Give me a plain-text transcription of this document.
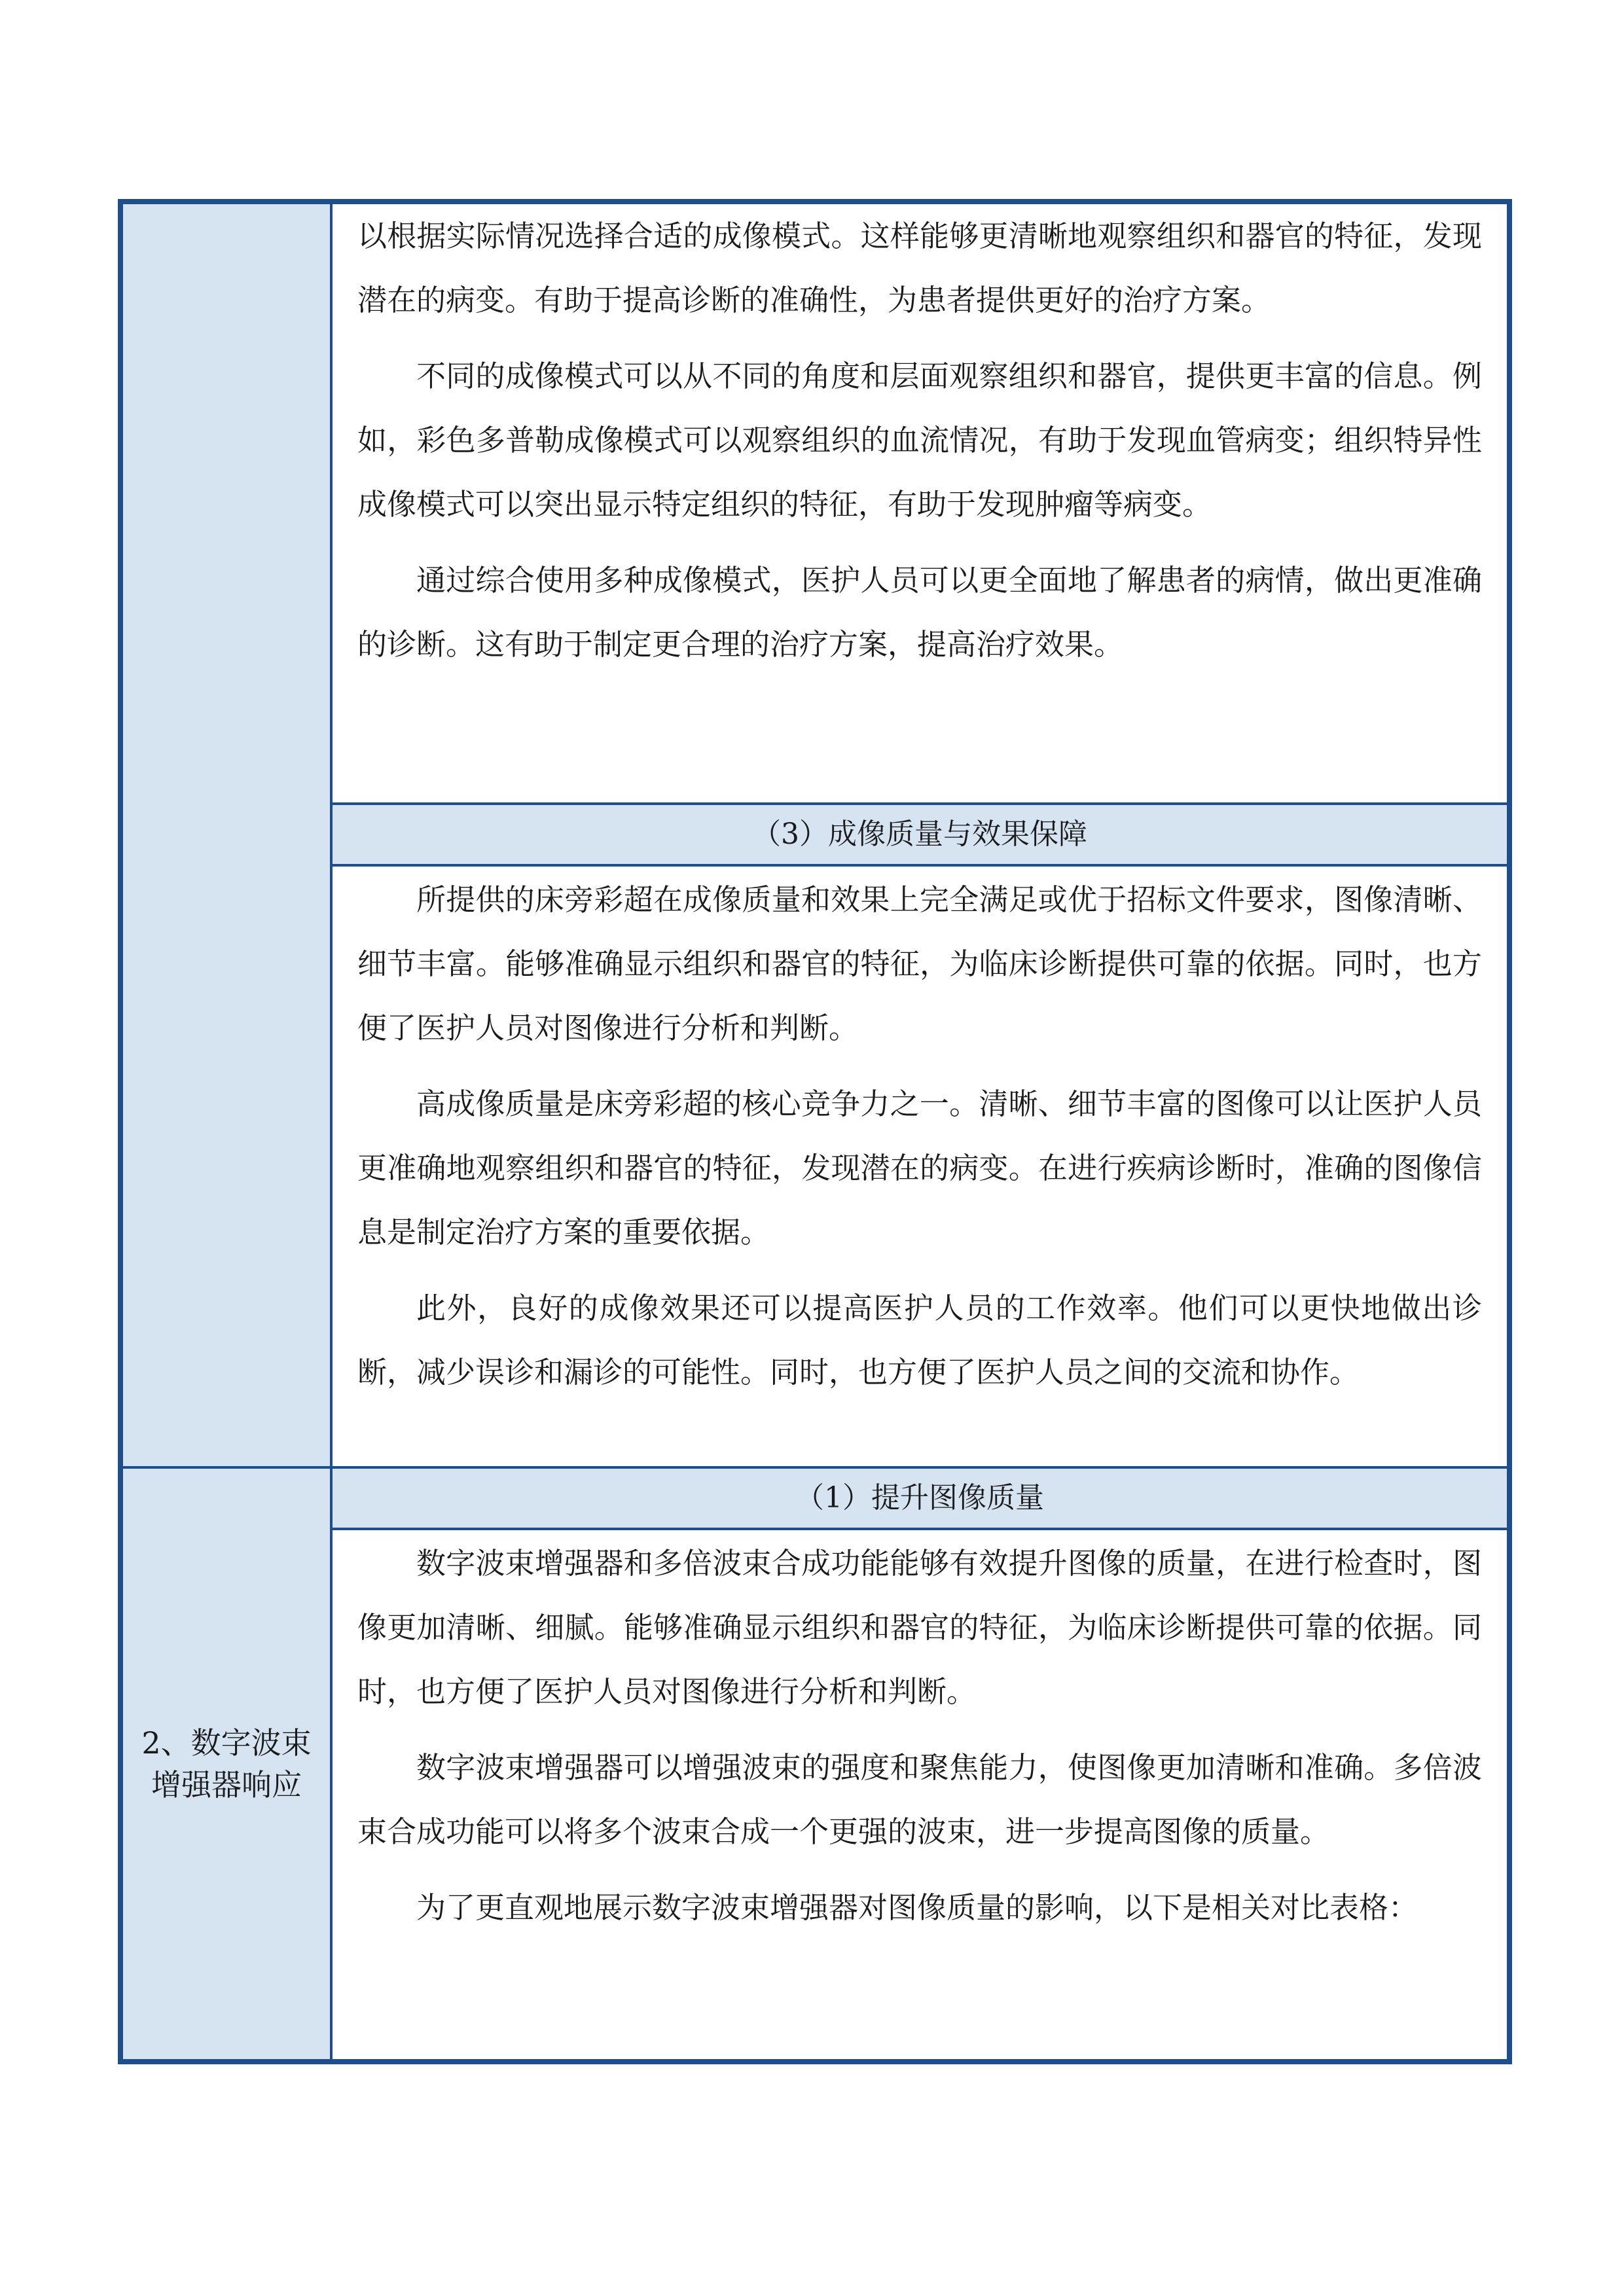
	以根据实际情况选择合适的成像模式。这样能够更清晰地观察组织和器官的特征，发现潜在的病变。有助于提高诊断的准确性，为患者提供更好的治疗方案。

不同的成像模式可以从不同的角度和层面观察组织和器官，提供更丰富的信息。例如，彩色多普勒成像模式可以观察组织的血流情况，有助于发现血管病变；组织特异性成像模式可以突出显示特定组织的特征，有助于发现肿瘤等病变。

通过综合使用多种成像模式，医护人员可以更全面地了解患者的病情，做出更准确的诊断。这有助于制定更合理的治疗方案，提高治疗效果。

	（3）成像质量与效果保障

	所提供的床旁彩超在成像质量和效果上完全满足或优于招标文件要求，图像清晰、细节丰富。能够准确显示组织和器官的特征，为临床诊断提供可靠的依据。同时，也方便了医护人员对图像进行分析和判断。

高成像质量是床旁彩超的核心竞争力之一。清晰、细节丰富的图像可以让医护人员更准确地观察组织和器官的特征，发现潜在的病变。在进行疾病诊断时，准确的图像信息是制定治疗方案的重要依据。

此外，良好的成像效果还可以提高医护人员的工作效率。他们可以更快地做出诊断，减少误诊和漏诊的可能性。同时，也方便了医护人员之间的交流和协作。

2、数字波束增强器响应	（1）提升图像质量

	数字波束增强器和多倍波束合成功能能够有效提升图像的质量，在进行检查时，图像更加清晰、细腻。能够准确显示组织和器官的特征，为临床诊断提供可靠的依据。同时，也方便了医护人员对图像进行分析和判断。

数字波束增强器可以增强波束的强度和聚焦能力，使图像更加清晰和准确。多倍波束合成功能可以将多个波束合成一个更强的波束，进一步提高图像的质量。

为了更直观地展示数字波束增强器对图像质量的影响，以下是相关对比表格：
